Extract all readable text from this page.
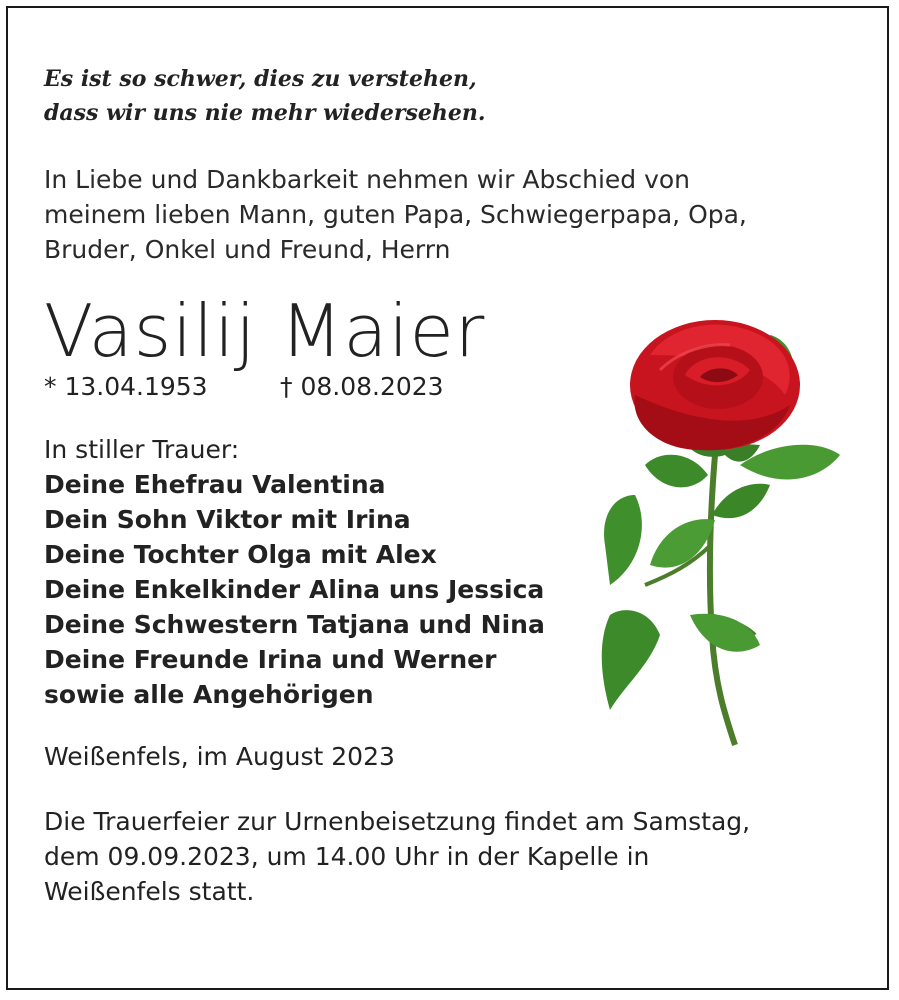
Es ist so schwer, dies zu verstehen,
dass wir uns nie mehr wiedersehen.
In Liebe und Dankbarkeit nehmen wir Abschied von
meinem lieben Mann, guten Papa, Schwiegerpapa, Opa,
Bruder, Onkel und Freund, Herrn
Vasilij Maier
* 13.04.1953	† 08.08.2023
In stiller Trauer:
Deine Ehefrau Valentina
Dein Sohn Viktor mit Irina
Deine Tochter Olga mit Alex
Deine Enkelkinder Alina uns Jessica
Deine Schwestern Tatjana und Nina
Deine Freunde Irina und Werner
sowie alle Angehörigen
Weißenfels, im August 2023
Die Trauerfeier zur Urnenbeisetzung findet am Samstag,
dem 09.09.2023, um 14.00 Uhr in der Kapelle in
Weißenfels statt.
